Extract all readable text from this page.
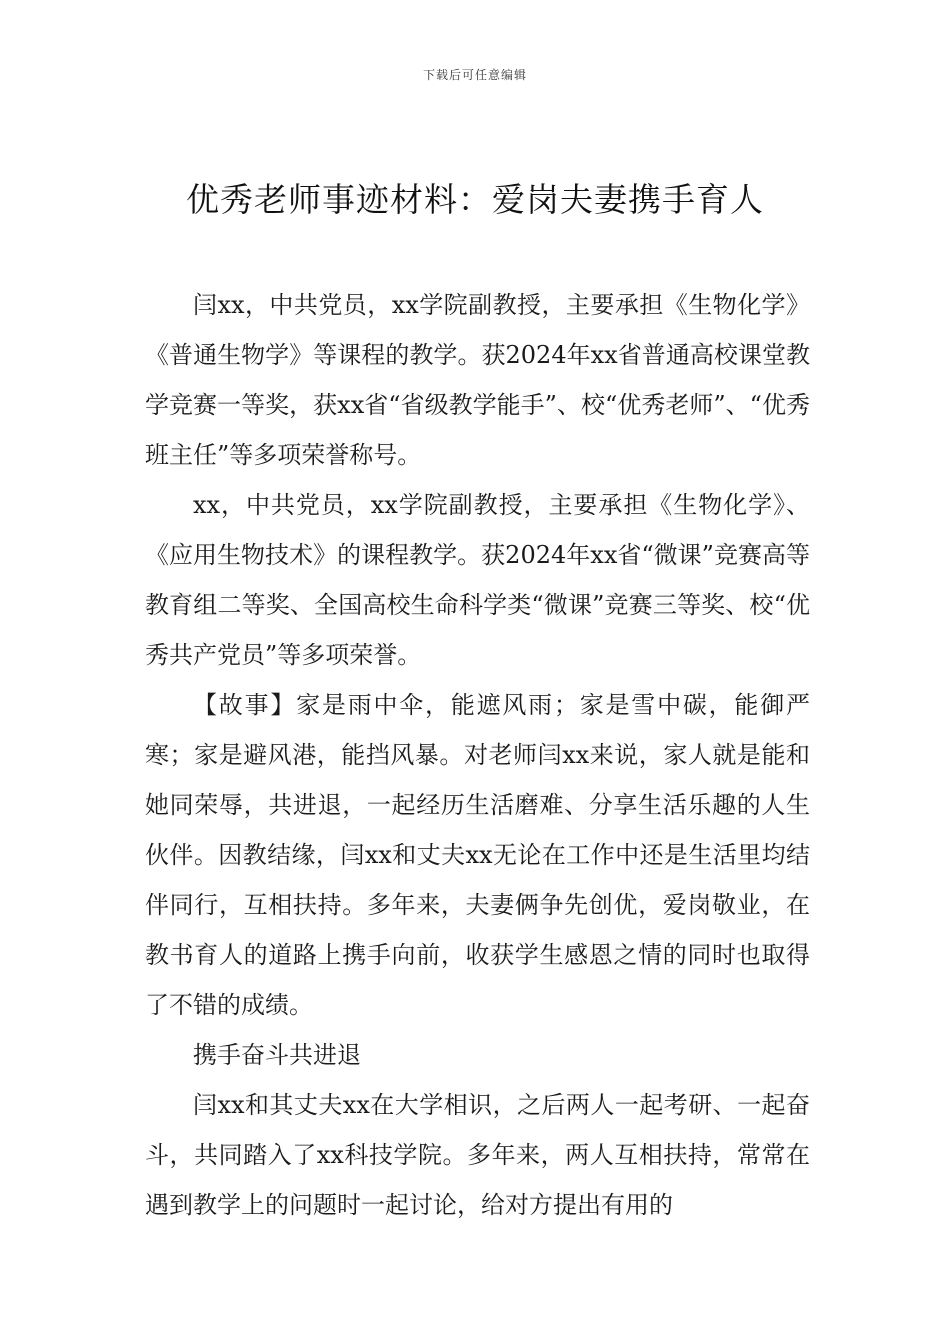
下载后可任意编辑
优秀老师事迹材料：爱岗夫妻携手育人

闫xx，中共党员，xx学院副教授，主要承担《生物化学》《普通生物学》等课程的教学。获2024年xx省普通高校课堂教学竞赛一等奖，获xx省“省级教学能手”、校“优秀老师”、“优秀班主任”等多项荣誉称号。

xx，中共党员，xx学院副教授，主要承担《生物化学》、《应用生物技术》的课程教学。获2024年xx省“微课”竞赛高等教育组二等奖、全国高校生命科学类“微课”竞赛三等奖、校“优秀共产党员”等多项荣誉。

【故事】家是雨中伞，能遮风雨；家是雪中碳，能御严寒；家是避风港，能挡风暴。对老师闫xx来说，家人就是能和她同荣辱，共进退，一起经历生活磨难、分享生活乐趣的人生伙伴。因教结缘，闫xx和丈夫xx无论在工作中还是生活里均结伴同行，互相扶持。多年来，夫妻俩争先创优，爱岗敬业，在教书育人的道路上携手向前，收获学生感恩之情的同时也取得了不错的成绩。

携手奋斗共进退

闫xx和其丈夫xx在大学相识，之后两人一起考研、一起奋斗，共同踏入了xx科技学院。多年来，两人互相扶持，常常在遇到教学上的问题时一起讨论，给对方提出有用的
